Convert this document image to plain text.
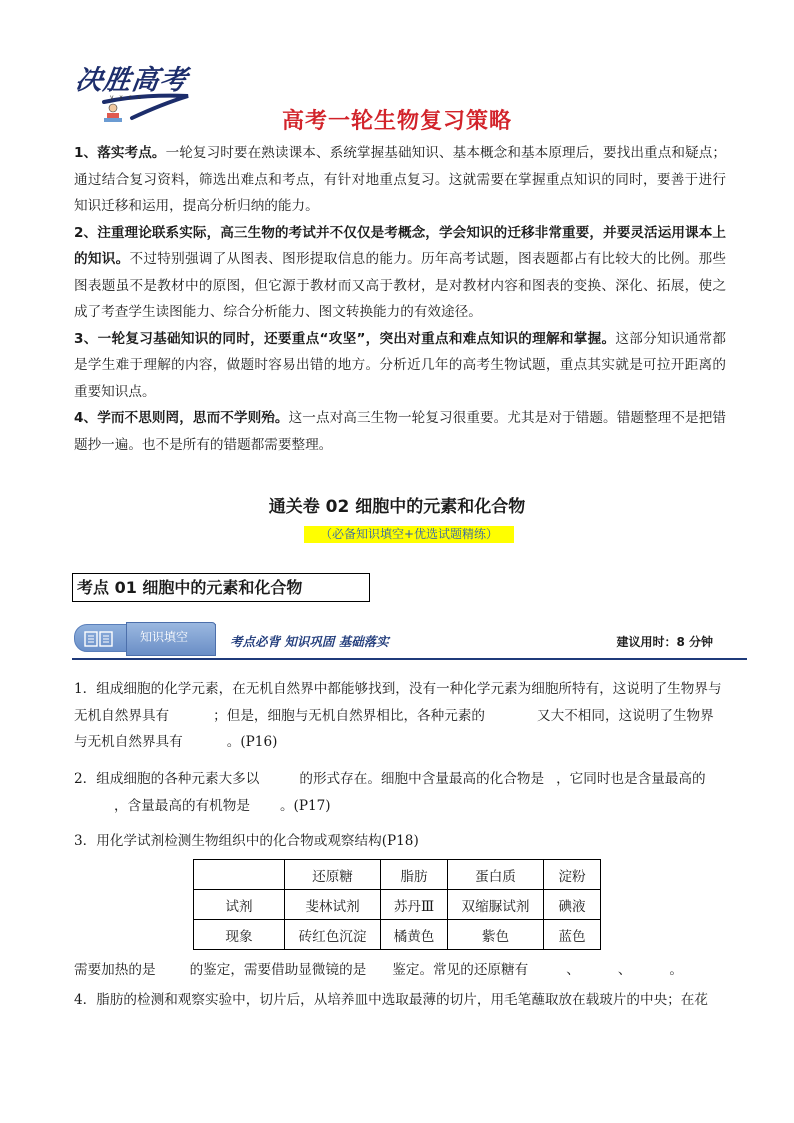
决胜高考
y . x . c . c
高考一轮生物复习策略

1、落实考点。一轮复习时要在熟读课本、系统掌握基础知识、基本概念和基本原理后，要找出重点和疑点；通过结合复习资料，筛选出难点和考点，有针对地重点复习。这就需要在掌握重点知识的同时，要善于进行知识迁移和运用，提高分析归纳的能力。

2、注重理论联系实际，高三生物的考试并不仅仅是考概念，学会知识的迁移非常重要，并要灵活运用课本上的知识。不过特别强调了从图表、图形提取信息的能力。历年高考试题，图表题都占有比较大的比例。那些图表题虽不是教材中的原图，但它源于教材而又高于教材，是对教材内容和图表的变换、深化、拓展，使之成了考查学生读图能力、综合分析能力、图文转换能力的有效途径。

3、一轮复习基础知识的同时，还要重点“攻坚”，突出对重点和难点知识的理解和掌握。这部分知识通常都是学生难于理解的内容，做题时容易出错的地方。分析近几年的高考生物试题，重点其实就是可拉开距离的重要知识点。

4、学而不思则罔，思而不学则殆。这一点对高三生物一轮复习很重要。尤其是对于错题。错题整理不是把错题抄一遍。也不是所有的错题都需要整理。

通关卷 02 细胞中的元素和化合物
（必备知识填空+优选试题精练）
考点 01 细胞中的元素和化合物
知识填空	考点必背 知识巩固 基础落实	建议用时：8 分钟

1．组成细胞的化学元素，在无机自然界中都能够找到，没有一种化学元素为细胞所特有，这说明了生物界与无机自然界具有	；但是，细胞与无机自然界相比，各种元素的	又大不相同，这说明了生物界与无机自然界具有	。(P16)

2．组成细胞的各种元素大多以	的形式存在。细胞中含量最高的化合物是 ，它同时也是含量最高的，含量最高的有机物是 。(P17)

3．用化学试剂检测生物组织中的化合物或观察结构(P18)

	还原糖	脂肪	蛋白质	淀粉
试剂	斐林试剂	苏丹Ⅲ	双缩脲试剂	碘液
现象	砖红色沉淀	橘黄色	紫色	蓝色

需要加热的是	的鉴定，需要借助显微镜的是 鉴定。常见的还原糖有	、	、	。

4．脂肪的检测和观察实验中，切片后，从培养皿中选取最薄的切片，用毛笔蘸取放在载玻片的中央；在花
